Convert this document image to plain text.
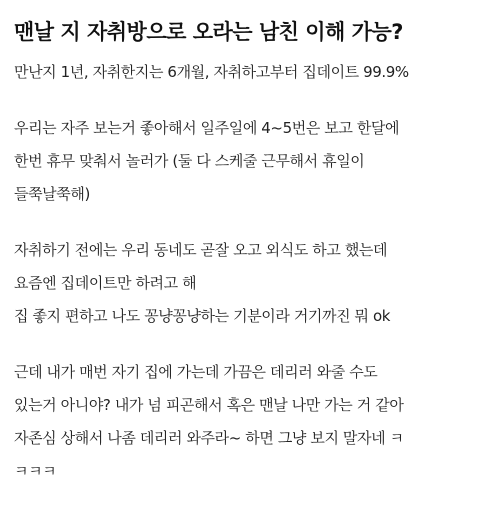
맨날 지 자취방으로 오라는 남친 이해 가능?
만난지 1년, 자취한지는 6개월, 자취하고부터 집데이트 99.9%
우리는 자주 보는거 좋아해서 일주일에 4~5번은 보고 한달에
한번 휴무 맞춰서 놀러가 (둘 다 스케줄 근무해서 휴일이
들쭉날쭉해)
자취하기 전에는 우리 동네도 곧잘 오고 외식도 하고 했는데
요즘엔 집데이트만 하려고 해
집 좋지 편하고 나도 꽁냥꽁냥하는 기분이라 거기까진 뭐 ok
근데 내가 매번 자기 집에 가는데 가끔은 데리러 와줄 수도
있는거 아니야? 내가 넘 피곤해서 혹은 맨날 나만 가는 거 같아
자존심 상해서 나좀 데리러 와주라~ 하면 그냥 보지 말자네 ㅋ
ㅋㅋㅋ
